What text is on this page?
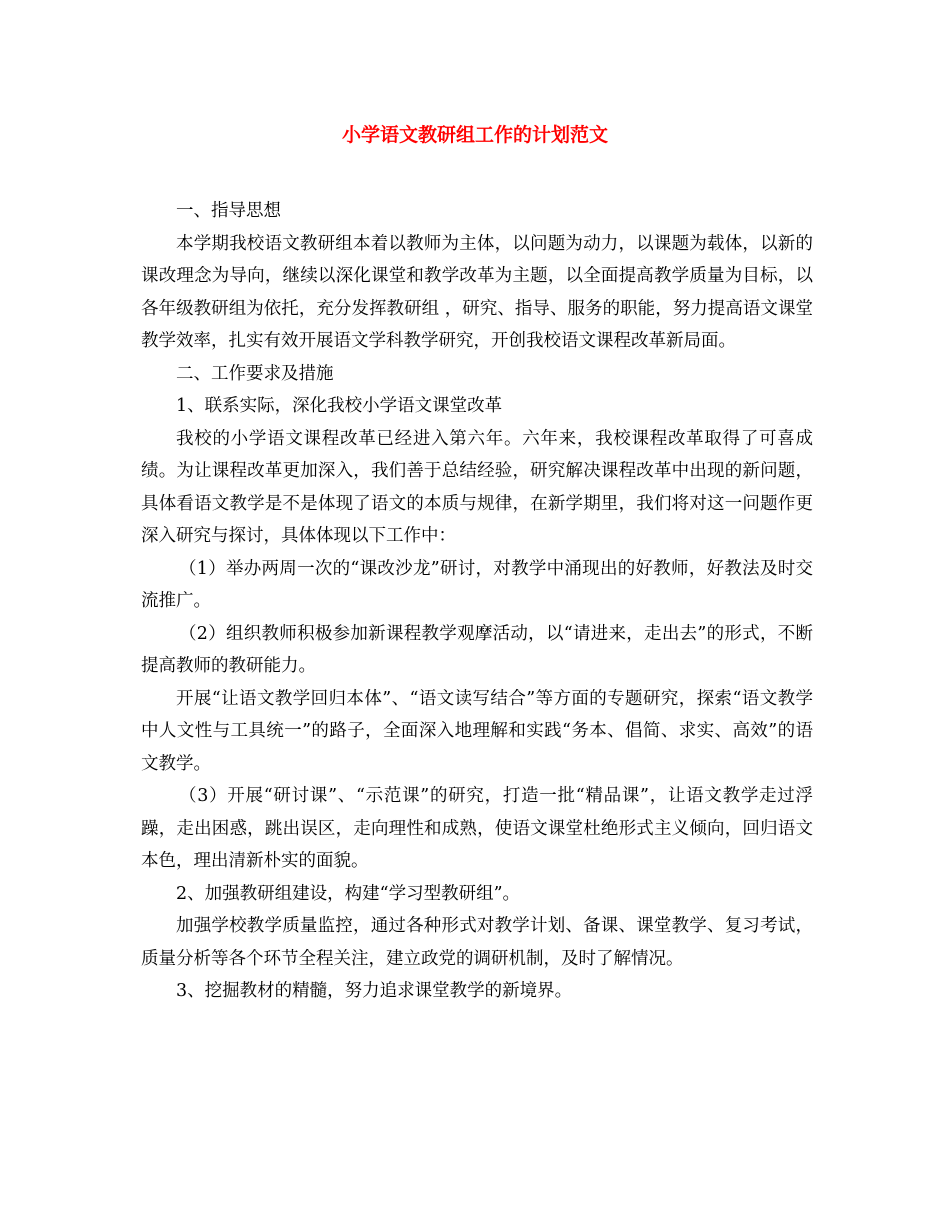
小学语文教研组工作的计划范文

一、指导思想

本学期我校语文教研组本着以教师为主体，以问题为动力，以课题为载体，以新的课改理念为导向，继续以深化课堂和教学改革为主题，以全面提高教学质量为目标，以各年级教研组为依托，充分发挥教研组 ，研究、指导、服务的职能，努力提高语文课堂教学效率，扎实有效开展语文学科教学研究，开创我校语文课程改革新局面。

二、工作要求及措施

1、联系实际，深化我校小学语文课堂改革

我校的小学语文课程改革已经进入第六年。六年来，我校课程改革取得了可喜成绩。为让课程改革更加深入，我们善于总结经验，研究解决课程改革中出现的新问题，具体看语文教学是不是体现了语文的本质与规律，在新学期里，我们将对这一问题作更深入研究与探讨，具体体现以下工作中：

（1）举办两周一次的“课改沙龙”研讨，对教学中涌现出的好教师，好教法及时交流推广。

（2）组织教师积极参加新课程教学观摩活动，以“请进来，走出去”的形式，不断提高教师的教研能力。

开展“让语文教学回归本体”、“语文读写结合”等方面的专题研究，探索“语文教学中人文性与工具统一”的路子，全面深入地理解和实践“务本、倡简、求实、高效”的语文教学。

（3）开展“研讨课”、“示范课”的研究，打造一批“精品课”，让语文教学走过浮躁，走出困惑，跳出误区，走向理性和成熟，使语文课堂杜绝形式主义倾向，回归语文本色，理出清新朴实的面貌。

2、加强教研组建设，构建“学习型教研组”。

加强学校教学质量监控，通过各种形式对教学计划、备课、课堂教学、复习考试，质量分析等各个环节全程关注，建立政党的调研机制，及时了解情况。

3、挖掘教材的精髓，努力追求课堂教学的新境界。
